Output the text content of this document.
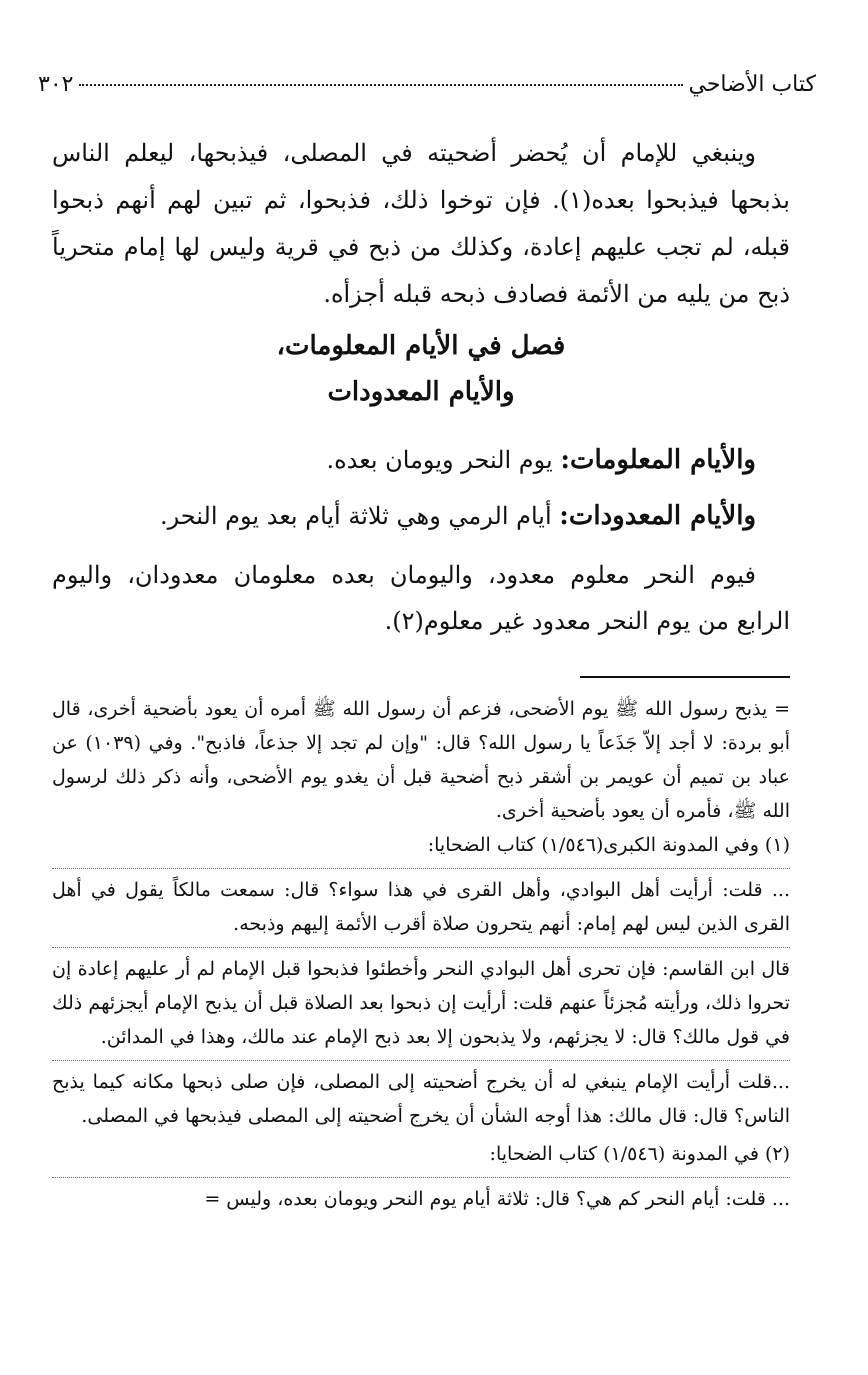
كتاب الأضاحي
٣٠٢

وينبغي للإمام أن يُحضر أضحيته في المصلى، فيذبحها، ليعلم الناس بذبحها فيذبحوا بعده(١). فإن توخوا ذلك، فذبحوا، ثم تبين لهم أنهم ذبحوا قبله، لم تجب عليهم إعادة، وكذلك من ذبح في قرية وليس لها إمام متحرياً ذبح من يليه من الأئمة فصادف ذبحه قبله أجزأه.

فصل في الأيام المعلومات،
والأيام المعدودات

والأيام المعلومات: يوم النحر ويومان بعده.

والأيام المعدودات: أيام الرمي وهي ثلاثة أيام بعد يوم النحر.

فيوم النحر معلوم معدود، واليومان بعده معلومان معدودان، واليوم الرابع من يوم النحر معدود غير معلوم(٢).

= يذبح رسول الله ﷺ يوم الأضحى، فزعم أن رسول الله ﷺ أمره أن يعود بأضحية أخرى، قال أبو بردة: لا أجد إلاّ جَذَعاً يا رسول الله؟ قال: "وإن لم تجد إلا جذعاً، فاذبح". وفي (١٠٣٩) عن عباد بن تميم أن عويمر بن أشقر ذبح أضحية قبل أن يغدو يوم الأضحى، وأنه ذكر ذلك لرسول الله ﷺ، فأمره أن يعود بأضحية أخرى.

(١) وفي المدونة الكبرى(١/٥٤٦) كتاب الضحايا:

... قلت: أرأيت أهل البوادي، وأهل القرى في هذا سواء؟ قال: سمعت مالكاً يقول في أهل القرى الذين ليس لهم إمام: أنهم يتحرون صلاة أقرب الأئمة إليهم وذبحه.

قال ابن القاسم: فإن تحرى أهل البوادي النحر وأخطئوا فذبحوا قبل الإمام لم أر عليهم إعادة إن تحروا ذلك، ورأيته مُجزئاً عنهم قلت: أرأيت إن ذبحوا بعد الصلاة قبل أن يذبح الإمام أيجزئهم ذلك في قول مالك؟ قال: لا يجزئهم، ولا يذبحون إلا بعد ذبح الإمام عند مالك، وهذا في المدائن.

...قلت أرأيت الإمام ينبغي له أن يخرج أضحيته إلى المصلى، فإن صلى ذبحها مكانه كيما يذبح الناس؟ قال: قال مالك: هذا أوجه الشأن أن يخرج أضحيته إلى المصلى فيذبحها في المصلى.

(٢) في المدونة (١/٥٤٦) كتاب الضحايا:

... قلت: أيام النحر كم هي؟ قال: ثلاثة أيام يوم النحر ويومان بعده، وليس =
